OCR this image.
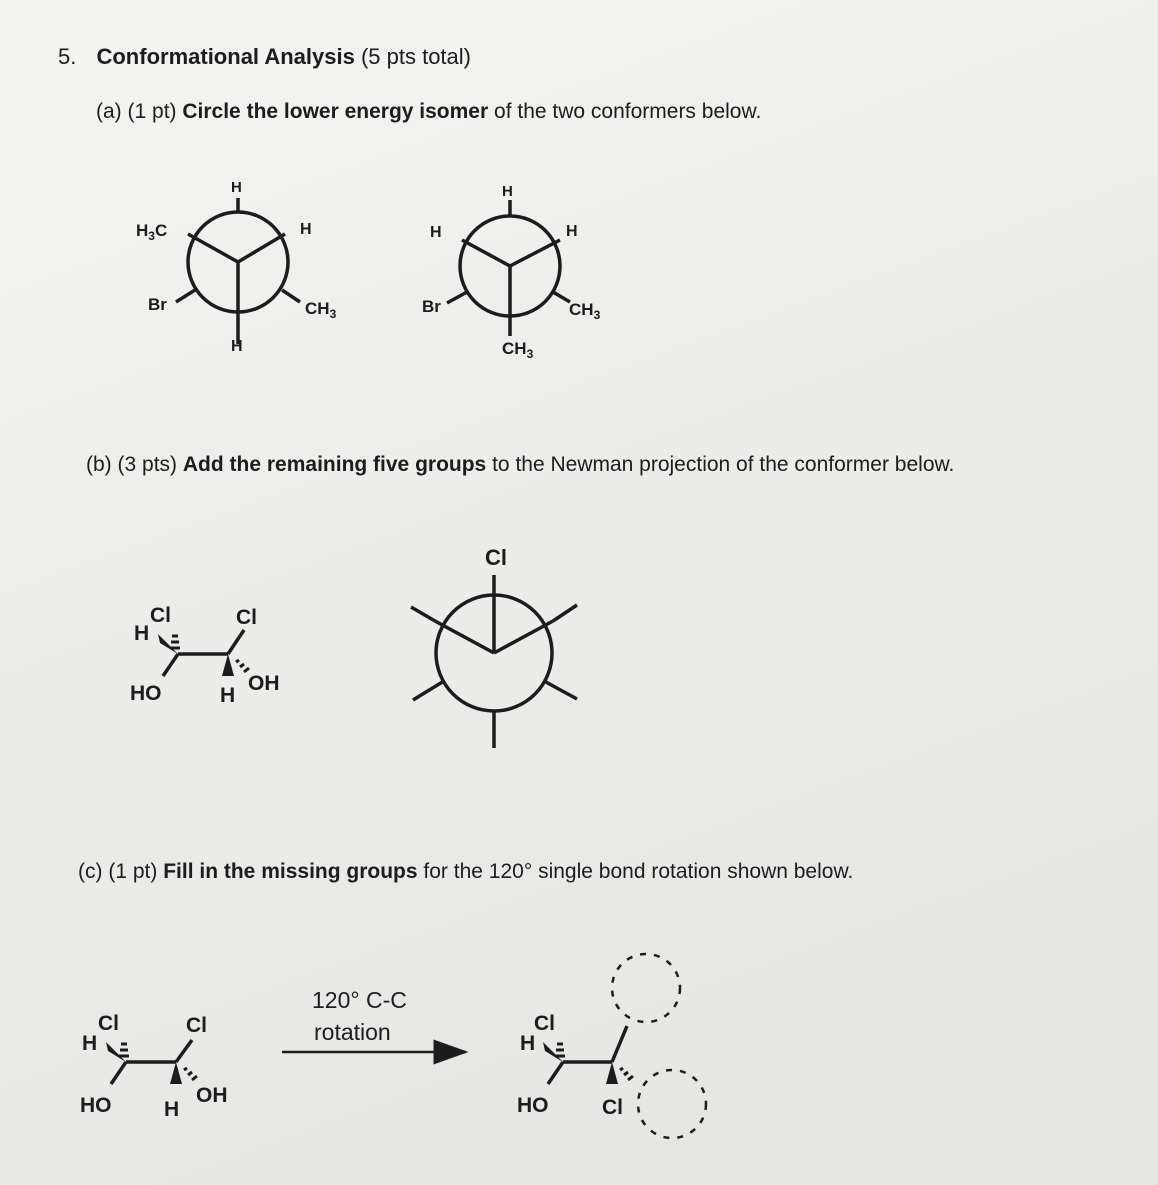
5. Conformational Analysis (5 pts total)

(a) (1 pt) Circle the lower energy isomer of the two conformers below.

(b) (3 pts) Add the remaining five groups to the Newman projection of the conformer below.

(c) (1 pt) Fill in the missing groups for the 120° single bond rotation shown below.

H
$H_3C$	H
Br	$CH_3$
H
H
H	H
Br	$CH_3$
$CH_3$
Cl
H
HO
Cl
H
OH
Cl
Cl
H
HO
Cl
H
OH
120° C-C
rotation	Cl
H
HO	Cl
